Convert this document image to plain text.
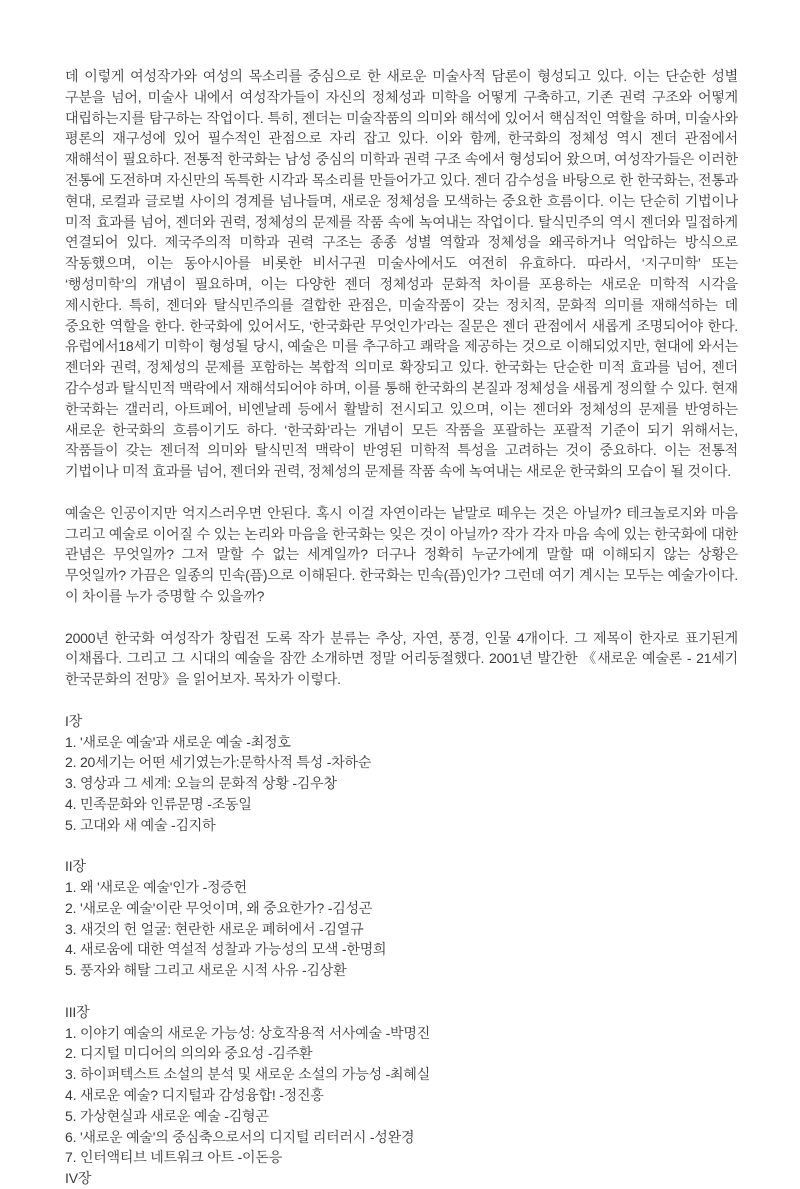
데 이렇게 여성작가와 여성의 목소리를 중심으로 한 새로운 미술사적 담론이 형성되고 있다. 이는 단순한 성별 구분을 넘어, 미술사 내에서 여성작가들이 자신의 정체성과 미학을 어떻게 구축하고, 기존 권력 구조와 어떻게 대립하는지를 탐구하는 작업이다. 특히, 젠더는 미술작품의 의미와 해석에 있어서 핵심적인 역할을 하며, 미술사와 평론의 재구성에 있어 필수적인 관점으로 자리 잡고 있다. 이와 함께, 한국화의 정체성 역시 젠더 관점에서 재해석이 필요하다. 전통적 한국화는 남성 중심의 미학과 권력 구조 속에서 형성되어 왔으며, 여성작가들은 이러한 전통에 도전하며 자신만의 독특한 시각과 목소리를 만들어가고 있다. 젠더 감수성을 바탕으로 한 한국화는, 전통과 현대, 로컬과 글로벌 사이의 경계를 넘나들며, 새로운 정체성을 모색하는 중요한 흐름이다. 이는 단순히 기법이나 미적 효과를 넘어, 젠더와 권력, 정체성의 문제를 작품 속에 녹여내는 작업이다. 탈식민주의 역시 젠더와 밀접하게 연결되어 있다. 제국주의적 미학과 권력 구조는 종종 성별 역할과 정체성을 왜곡하거나 억압하는 방식으로 작동했으며, 이는 동아시아를 비롯한 비서구권 미술사에서도 여전히 유효하다. 따라서, ‘지구미학’ 또는 ‘행성미학’의 개념이 필요하며, 이는 다양한 젠더 정체성과 문화적 차이를 포용하는 새로운 미학적 시각을 제시한다. 특히, 젠더와 탈식민주의를 결합한 관점은, 미술작품이 갖는 정치적, 문화적 의미를 재해석하는 데 중요한 역할을 한다. 한국화에 있어서도, ‘한국화란 무엇인가’라는 질문은 젠더 관점에서 새롭게 조명되어야 한다. 유럽에서18세기 미학이 형성될 당시, 예술은 미를 추구하고 쾌락을 제공하는 것으로 이해되었지만, 현대에 와서는 젠더와 권력, 정체성의 문제를 포함하는 복합적 의미로 확장되고 있다. 한국화는 단순한 미적 효과를 넘어, 젠더 감수성과 탈식민적 맥락에서 재해석되어야 하며, 이를 통해 한국화의 본질과 정체성을 새롭게 정의할 수 있다. 현재 한국화는 갤러리, 아트페어, 비엔날레 등에서 활발히 전시되고 있으며, 이는 젠더와 정체성의 문제를 반영하는 새로운 한국화의 흐름이기도 하다. ‘한국화’라는 개념이 모든 작품을 포괄하는 포괄적 기준이 되기 위해서는, 작품들이 갖는 젠더적 의미와 탈식민적 맥락이 반영된 미학적 특성을 고려하는 것이 중요하다. 이는 전통적 기법이나 미적 효과를 넘어, 젠더와 권력, 정체성의 문제를 작품 속에 녹여내는 새로운 한국화의 모습이 될 것이다.

예술은 인공이지만 억지스러우면 안된다. 혹시 이걸 자연이라는 낱말로 떼우는 것은 아닐까? 테크놀로지와 마음 그리고 예술로 이어질 수 있는 논리와 마음을 한국화는 잊은 것이 아닐까? 작가 각자 마음 속에 있는 한국화에 대한 관념은 무엇일까? 그저 말할 수 없는 세계일까? 더구나 정확히 누군가에게 말할 때 이해되지 않는 상황은 무엇일까? 가끔은 일종의 민속(픔)으로 이해된다. 한국화는 민속(픔)인가? 그런데 여기 계시는 모두는 예술가이다. 이 차이를 누가 증명할 수 있을까?

2000년 한국화 여성작가 창립전 도록 작가 분류는 추상, 자연, 풍경, 인물 4개이다. 그 제목이 한자로 표기된게 이채롭다. 그리고 그 시대의 예술을 잠깐 소개하면 정말 어리둥절했다. 2001년 발간한 《새로운 예술론 - 21세기 한국문화의 전망》을 읽어보자. 목차가 이렇다.

I장
1. '새로운 예술'과 새로운 예술 -최정호
2. 20세기는 어떤 세기였는가:문학사적 특성 -차하순
3. 영상과 그 세계: 오늘의 문화적 상황 -김우창
4. 민족문화와 인류문명 -조동일
5. 고대와 새 예술 -김지하
II장
1. 왜 '새로운 예술'인가 -정증헌
2. '새로운 예술'이란 무엇이며, 왜 중요한가? -김성곤
3. 새것의 헌 얼굴: 현란한 새로운 폐허에서 -김열규
4. 새로움에 대한 역설적 성찰과 가능성의 모색 -한명희
5. 풍자와 해탈 그리고 새로운 시적 사유 -김상환
III장
1. 이야기 예술의 새로운 가능성: 상호작용적 서사예술 -박명진
2. 디지털 미디어의 의의와 중요성 -김주환
3. 하이퍼텍스트 소설의 분석 및 새로운 소설의 가능성 -최혜실
4. 새로운 예술? 디지털과 감성융합! -정진홍
5. 가상현실과 새로운 예술 -김형곤
6. '새로운 예술'의 중심축으로서의 디지털 리터러시 -성완경
7. 인터액티브 네트워크 아트 -이돈응
IV장
